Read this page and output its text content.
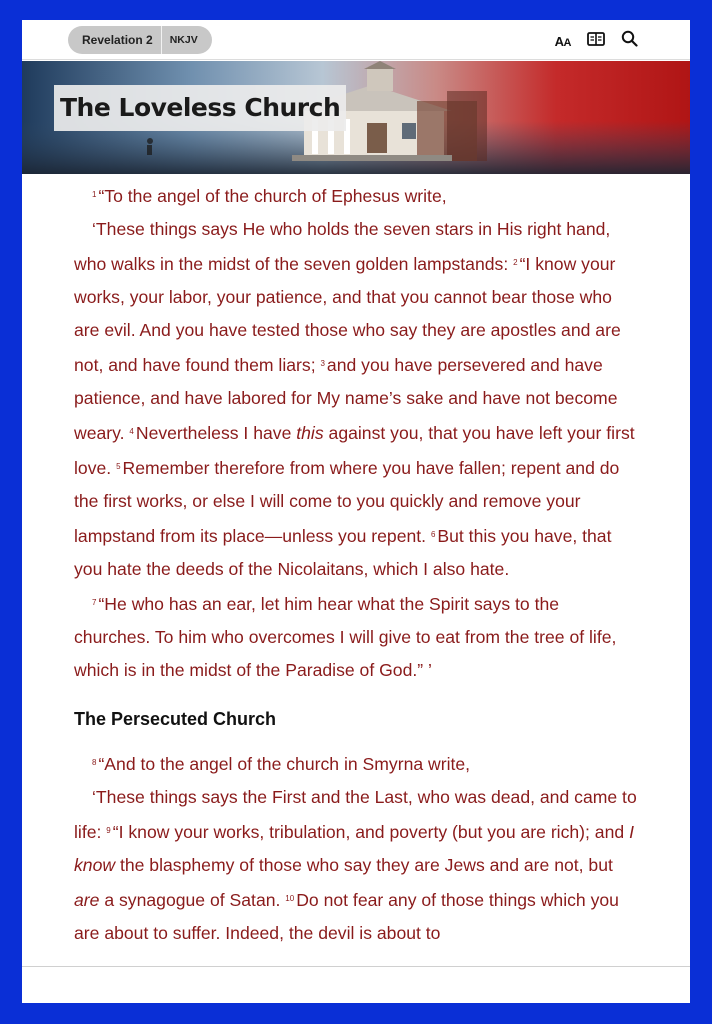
Revelation 2	NKJV	AA
The Loveless Church

$^1$ “To the angel of the church of Ephesus write,

‘These things says He who holds the seven stars in His right hand, who walks in the midst of the seven golden lampstands: $^2$ “I know your works, your labor, your patience, and that you cannot bear those who are evil. And you have tested those who say they are apostles and are not, and have found them liars; $^3$ and you have persevered and have patience, and have labored for My name’s sake and have not become weary. $^4$ Nevertheless I have this against you, that you have left your first love. $^5$ Remember therefore from where you have fallen; repent and do the first works, or else I will come to you quickly and remove your lampstand from its place—unless you repent. $^6$ But this you have, that you hate the deeds of the Nicolaitans, which I also hate.

$^7$ “He who has an ear, let him hear what the Spirit says to the churches. To him who overcomes I will give to eat from the tree of life, which is in the midst of the Paradise of God.” ’

The Persecuted Church

$^8$ “And to the angel of the church in Smyrna write,

‘These things says the First and the Last, who was dead, and came to life: $^9$ “I know your works, tribulation, and poverty (but you are rich); and I know the blasphemy of those who say they are Jews and are not, but are a synagogue of Satan. $^{10}$ Do not fear any of those things which you are about to suffer. Indeed, the devil is about to
